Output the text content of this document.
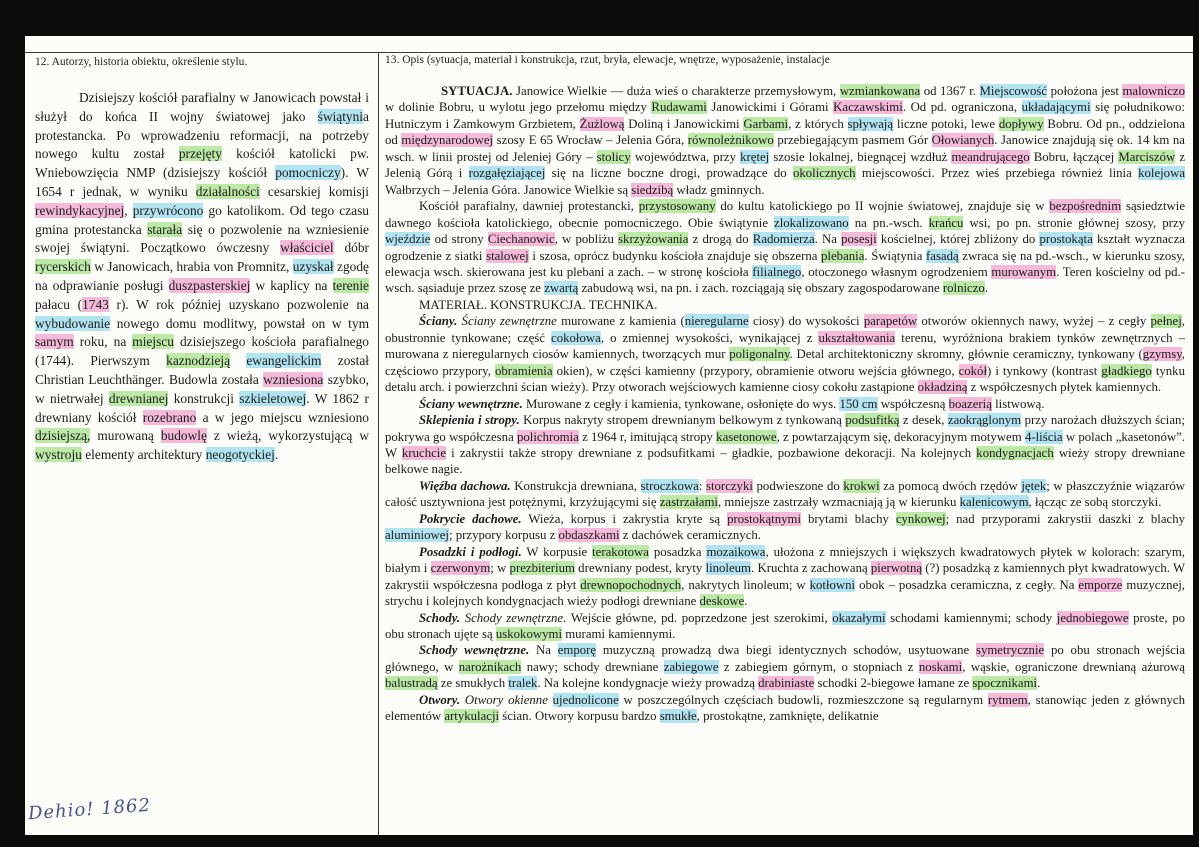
12. Autorzy, historia obiektu, określenie stylu.

Dzisiejszy kościół parafialny w Janowicach powstał i służył do końca II wojny światowej jako świątynia protestancka. Po wprowadzeniu reformacji, na potrzeby nowego kultu został przejęty kościół katolicki pw. Wniebowzięcia NMP (dzisiejszy kościół pomocniczy). W 1654 r jednak, w wyniku działalności cesarskiej komisji rewindykacyjnej, przywrócono go katolikom. Od tego czasu gmina protestancka starała się o pozwolenie na wzniesienie swojej świątyni. Początkowo ówczesny właściciel dóbr rycerskich w Janowicach, hrabia von Promnitz, uzyskał zgodę na odprawianie posługi duszpasterskiej w kaplicy na terenie pałacu (1743 r). W rok później uzyskano pozwolenie na wybudowanie nowego domu modlitwy, powstał on w tym samym roku, na miejscu dzisiejszego kościoła parafialnego (1744). Pierwszym kaznodzieją ewangelickim został Christian Leuchthänger. Budowla została wzniesiona szybko, w nietrwałej drewnianej konstrukcji szkieletowej. W 1862 r drewniany kościół rozebrano a w jego miejscu wzniesiono dzisiejszą, murowaną budowlę z wieżą, wykorzystującą w wystroju elementy architektury neogotyckiej.

13. Opis (sytuacja, materiał i konstrukcja, rzut, bryła, elewacje, wnętrze, wyposażenie, instalacje

SYTUACJA. Janowice Wielkie — duża wieś o charakterze przemysłowym, wzmiankowana od 1367 r. Miejscowość położona jest malowniczo w dolinie Bobru, u wylotu jego przełomu między Rudawami Janowickimi i Górami Kaczawskimi. Od pd. ograniczona, układającymi się południkowo: Hutniczym i Zamkowym Grzbietem, Żużlową Doliną i Janowickimi Garbami, z których spływają liczne potoki, lewe dopływy Bobru. Od pn., oddzielona od międzynarodowej szosy E 65 Wrocław – Jelenia Góra, równoleżnikowo przebiegającym pasmem Gór Ołowianych. Janowice znajdują się ok. 14 km na wsch. w linii prostej od Jeleniej Góry – stolicy województwa, przy krętej szosie lokalnej, biegnącej wzdłuż meandrującego Bobru, łączącej Marciszów z Jelenią Górą i rozgałęziającej się na liczne boczne drogi, prowadzące do okolicznych miejscowości. Przez wieś przebiega również linia kolejowa Wałbrzych – Jelenia Góra. Janowice Wielkie są siedzibą władz gminnych.

Kościół parafialny, dawniej protestancki, przystosowany do kultu katolickiego po II wojnie światowej, znajduje się w bezpośrednim sąsiedztwie dawnego kościoła katolickiego, obecnie pomocniczego. Obie świątynie zlokalizowano na pn.-wsch. krańcu wsi, po pn. stronie głównej szosy, przy wjeździe od strony Ciechanowic, w pobliżu skrzyżowania z drogą do Radomierza. Na posesji kościelnej, której zbliżony do prostokąta kształt wyznacza ogrodzenie z siatki stalowej i szosa, oprócz budynku kościoła znajduje się obszerna plebania. Świątynia fasadą zwraca się na pd.-wsch., w kierunku szosy, elewacja wsch. skierowana jest ku plebani a zach. – w stronę kościoła filialnego, otoczonego własnym ogrodzeniem murowanym. Teren kościelny od pd.-wsch. sąsiaduje przez szosę ze zwartą zabudową wsi, na pn. i zach. rozciągają się obszary zagospodarowane rolniczo.

MATERIAŁ. KONSTRUKCJA. TECHNIKA.

Ściany. Ściany zewnętrzne murowane z kamienia (nieregularne ciosy) do wysokości parapetów otworów okiennych nawy, wyżej – z cegły pełnej, obustronnie tynkowane; część cokołowa, o zmiennej wysokości, wynikającej z ukształtowania terenu, wyróżniona brakiem tynków zewnętrznych – murowana z nieregularnych ciosów kamiennych, tworzących mur poligonalny. Detal architektoniczny skromny, głównie ceramiczny, tynkowany (gzymsy, częściowo przypory, obramienia okien), w części kamienny (przypory, obramienie otworu wejścia głównego, cokół) i tynkowy (kontrast gładkiego tynku detalu arch. i powierzchni ścian wieży). Przy otworach wejściowych kamienne ciosy cokołu zastąpione okładziną z współczesnych płytek kamiennych.

Ściany wewnętrzne. Murowane z cegły i kamienia, tynkowane, osłonięte do wys. 150 cm współczesną boazerią listwową.

Sklepienia i stropy. Korpus nakryty stropem drewnianym belkowym z tynkowaną podsufitką z desek, zaokrąglonym przy narożach dłuższych ścian; pokrywa go współczesna polichromia z 1964 r, imitującą stropy kasetonowe, z powtarzającym się, dekoracyjnym motywem 4-liścia w polach „kasetonów”. W kruchcie i zakrystii także stropy drewniane z podsufitkami – gładkie, pozbawione dekoracji. Na kolejnych kondygnacjach wieży stropy drewniane belkowe nagie.

Więźba dachowa. Konstrukcja drewniana, stroczkowa: storczyki podwieszone do krokwi za pomocą dwóch rzędów jętek; w płaszczyźnie wiązarów całość usztywniona jest potężnymi, krzyżującymi się zastrzałami, mniejsze zastrzały wzmacniają ją w kierunku kalenicowym, łącząc ze sobą storczyki.

Pokrycie dachowe. Wieża, korpus i zakrystia kryte są prostokątnymi brytami blachy cynkowej; nad przyporami zakrystii daszki z blachy aluminiowej; przypory korpusu z obdaszkami z dachówek ceramicznych.

Posadzki i podłogi. W korpusie terakotowa posadzka mozaikowa, ułożona z mniejszych i większych kwadratowych płytek w kolorach: szarym, białym i czerwonym; w prezbiterium drewniany podest, kryty linoleum. Kruchta z zachowaną pierwotną (?) posadzką z kamiennych płyt kwadratowych. W zakrystii współczesna podłoga z płyt drewnopochodnych, nakrytych linoleum; w kotłowni obok – posadzka ceramiczna, z cegły. Na emporze muzycznej, strychu i kolejnych kondygnacjach wieży podłogi drewniane deskowe.

Schody. Schody zewnętrzne. Wejście główne, pd. poprzedzone jest szerokimi, okazałymi schodami kamiennymi; schody jednobiegowe proste, po obu stronach ujęte są uskokowymi murami kamiennymi.

Schody wewnętrzne. Na emporę muzyczną prowadzą dwa biegi identycznych schodów, usytuowane symetrycznie po obu stronach wejścia głównego, w narożnikach nawy; schody drewniane zabiegowe z zabiegiem górnym, o stopniach z noskami, wąskie, ograniczone drewnianą ażurową balustradą ze smukłych tralek. Na kolejne kondygnacje wieży prowadzą drabiniaste schodki 2-biegowe łamane ze spocznikami.

Otwory. Otwory okienne ujednolicone w poszczególnych częściach budowli, rozmieszczone są regularnym rytmem, stanowiąc jeden z głównych elementów artykulacji ścian. Otwory korpusu bardzo smukłe, prostokątne, zamknięte, delikatnie

Dehio! 1862
